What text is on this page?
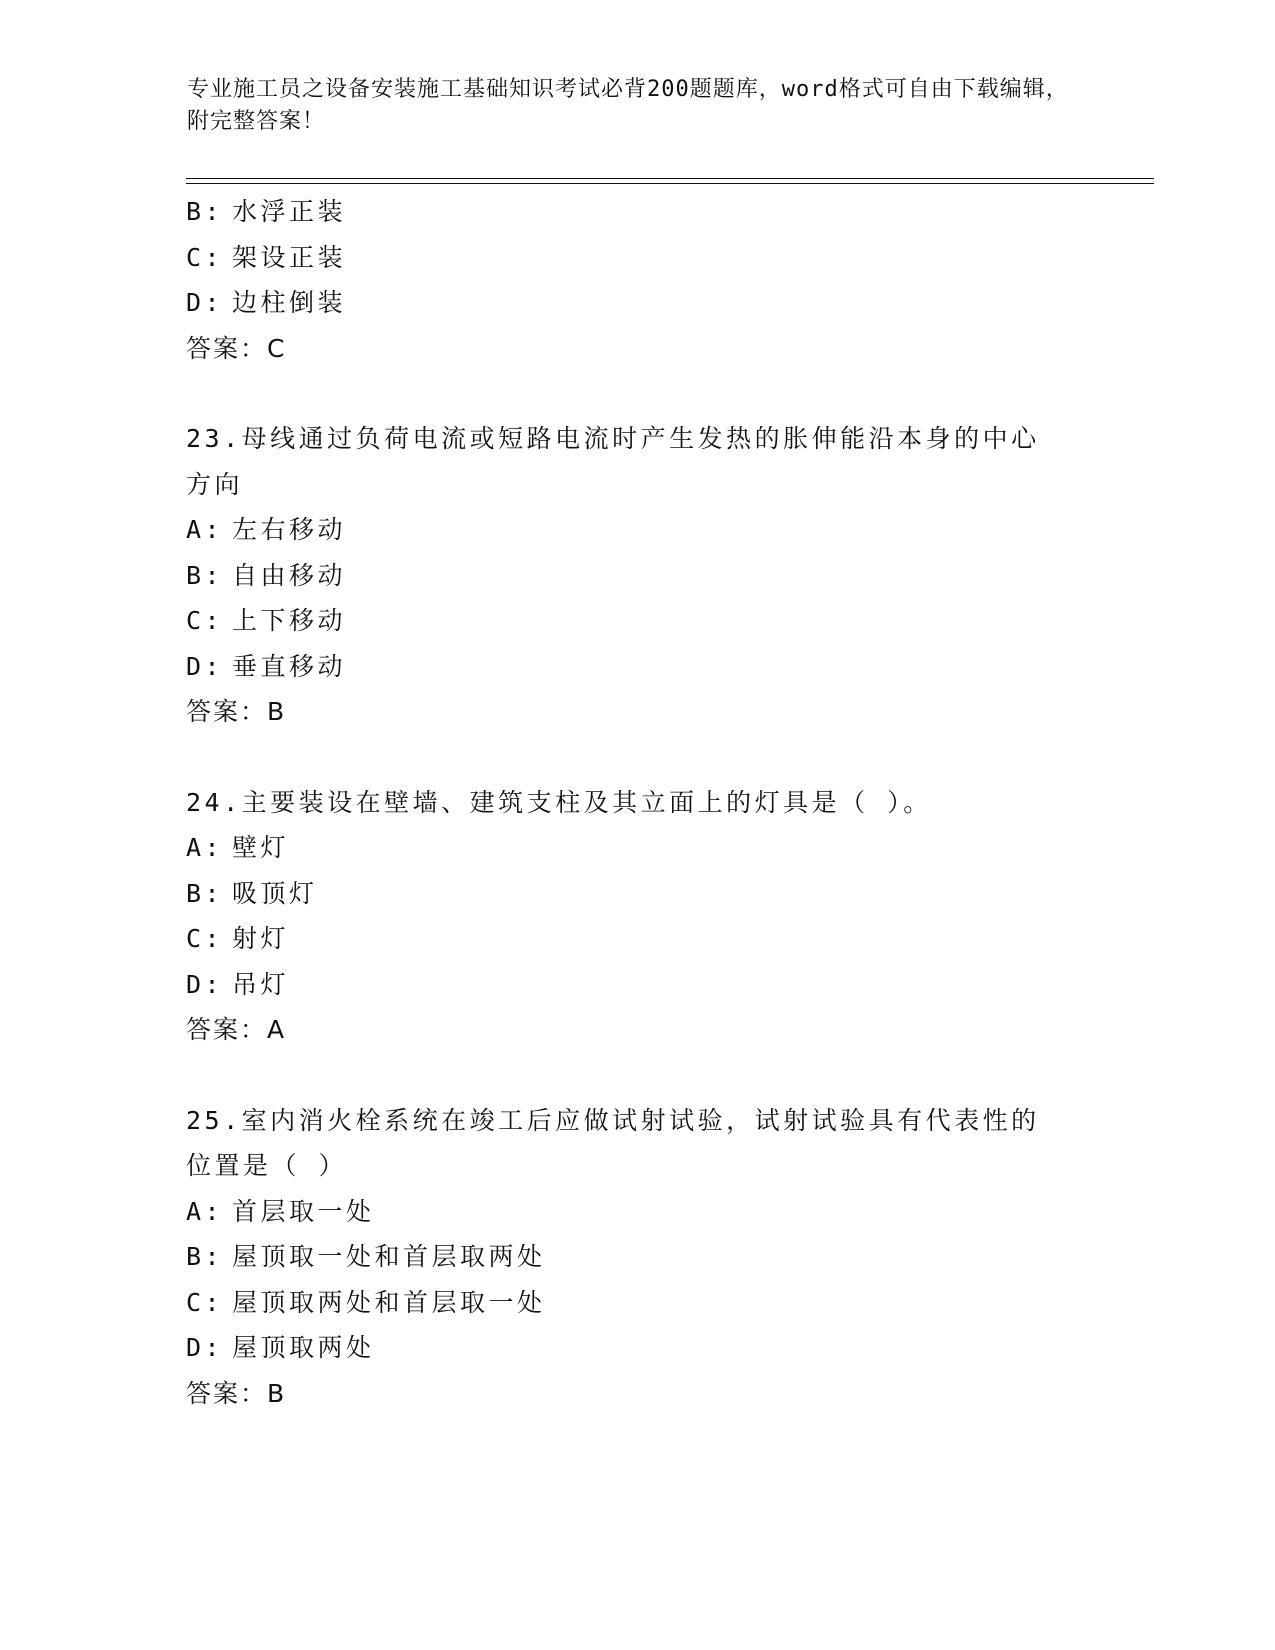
专业施工员之设备安装施工基础知识考试必背200题题库，word格式可自由下载编辑，附完整答案！
B: 水浮正装
C: 架设正装
D: 边柱倒装
答案：C
23.母线通过负荷电流或短路电流时产生发热的胀伸能沿本身的中心方向
A: 左右移动
B: 自由移动
C: 上下移动
D: 垂直移动
答案：B
24.主要装设在壁墙、建筑支柱及其立面上的灯具是（ ）。
A: 壁灯
B: 吸顶灯
C: 射灯
D: 吊灯
答案：A
25.室内消火栓系统在竣工后应做试射试验，试射试验具有代表性的位置是（ ）
A: 首层取一处
B: 屋顶取一处和首层取两处
C: 屋顶取两处和首层取一处
D: 屋顶取两处
答案：B
